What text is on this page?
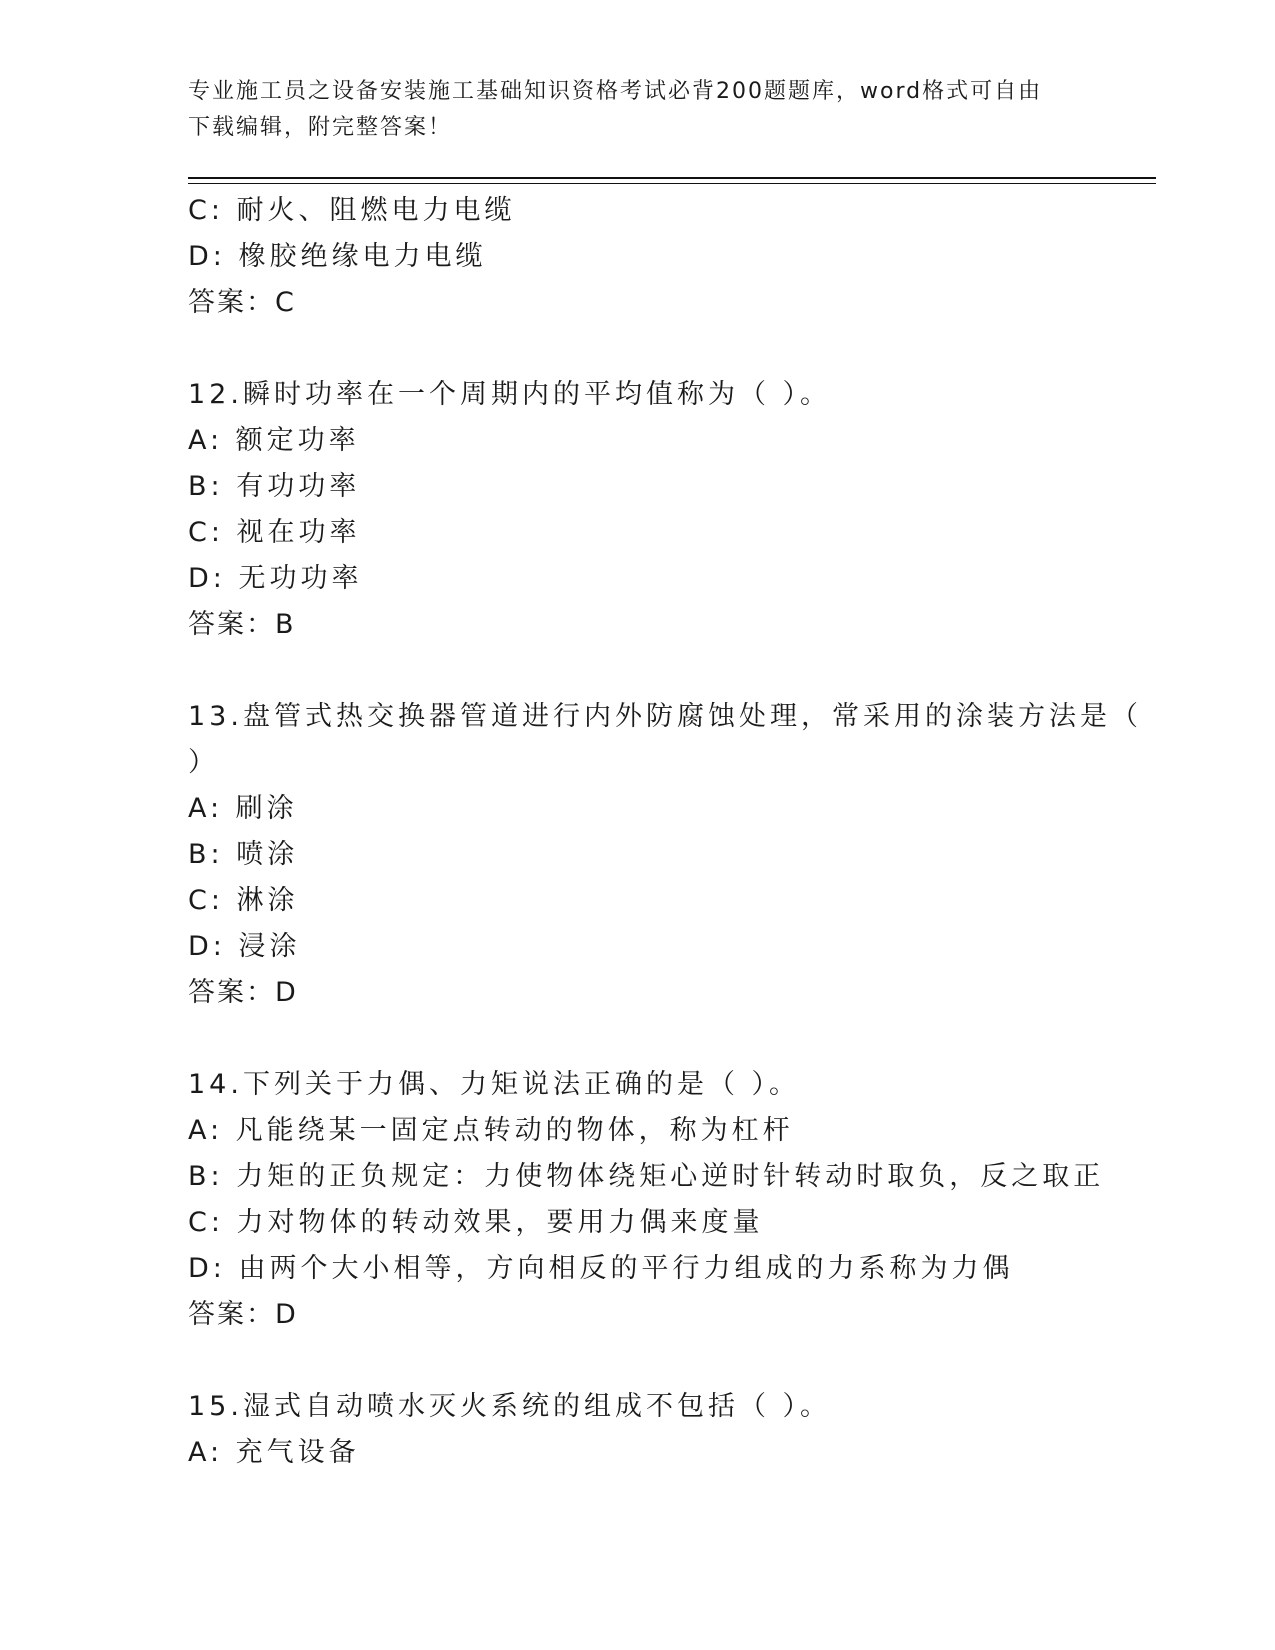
专业施工员之设备安装施工基础知识资格考试必背200题题库，word格式可自由
下载编辑，附完整答案！
C: 耐火、阻燃电力电缆
D: 橡胶绝缘电力电缆
答案：C
12.瞬时功率在一个周期内的平均值称为（ ）。
A: 额定功率
B: 有功功率
C: 视在功率
D: 无功功率
答案：B
13.盘管式热交换器管道进行内外防腐蚀处理，常采用的涂装方法是（
）
A: 刷涂
B: 喷涂
C: 淋涂
D: 浸涂
答案：D
14.下列关于力偶、力矩说法正确的是（ ）。
A: 凡能绕某一固定点转动的物体，称为杠杆
B: 力矩的正负规定：力使物体绕矩心逆时针转动时取负，反之取正
C: 力对物体的转动效果，要用力偶来度量
D: 由两个大小相等，方向相反的平行力组成的力系称为力偶
答案：D
15.湿式自动喷水灭火系统的组成不包括（ ）。
A: 充气设备
